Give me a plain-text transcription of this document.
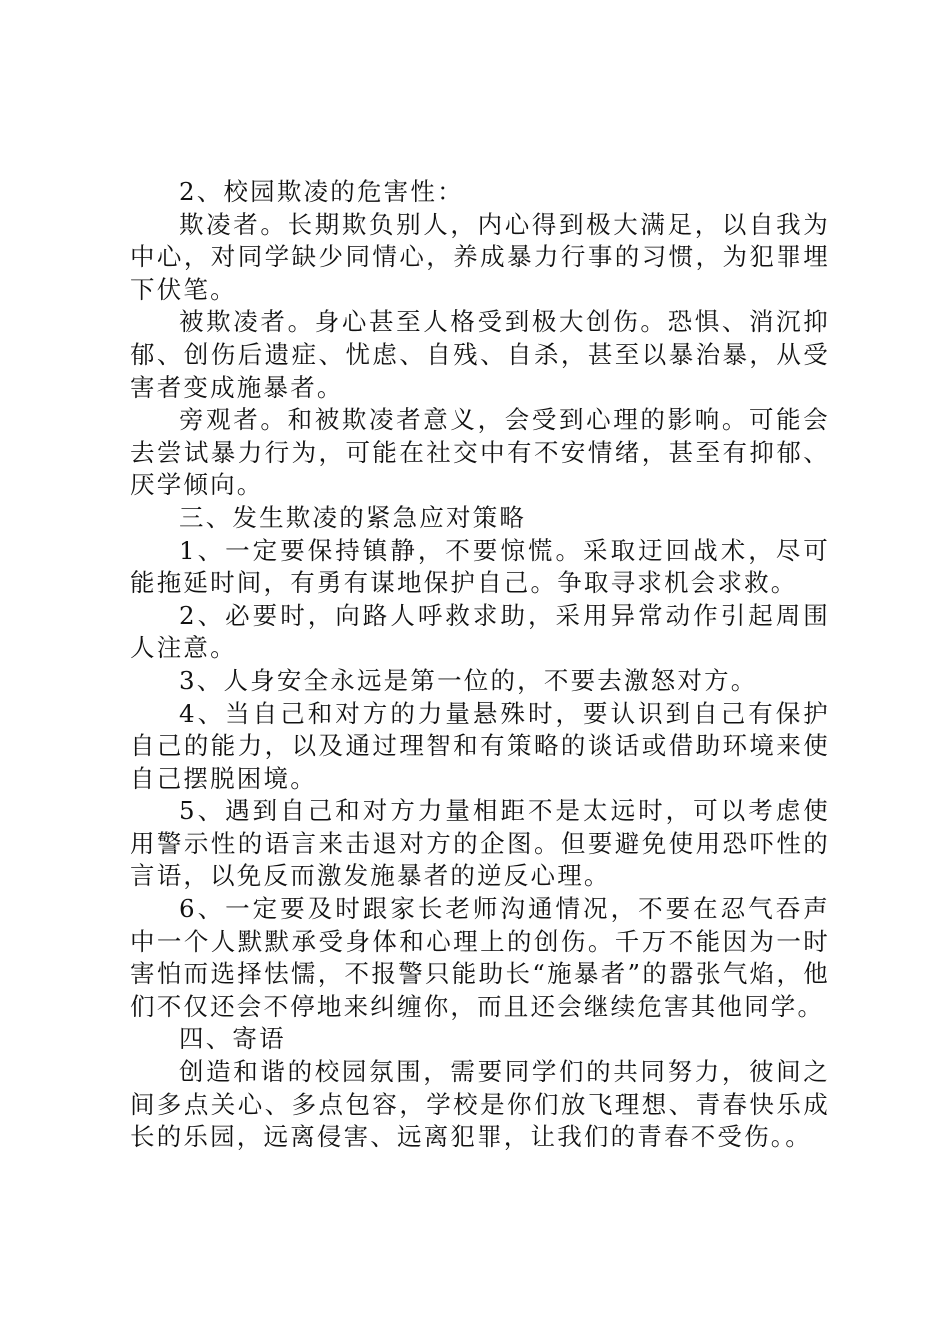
2、校园欺凌的危害性：

欺凌者。长期欺负别人，内心得到极大满足，以自我为中心，对同学缺少同情心，养成暴力行事的习惯，为犯罪埋下伏笔。

被欺凌者。身心甚至人格受到极大创伤。恐惧、消沉抑郁、创伤后遗症、忧虑、自残、自杀，甚至以暴治暴，从受害者变成施暴者。

旁观者。和被欺凌者意义，会受到心理的影响。可能会去尝试暴力行为，可能在社交中有不安情绪，甚至有抑郁、厌学倾向。

三、发生欺凌的紧急应对策略

1、一定要保持镇静，不要惊慌。采取迂回战术，尽可能拖延时间，有勇有谋地保护自己。争取寻求机会求救。

2、必要时，向路人呼救求助，采用异常动作引起周围人注意。

3、人身安全永远是第一位的，不要去激怒对方。

4、当自己和对方的力量悬殊时，要认识到自己有保护自己的能力，以及通过理智和有策略的谈话或借助环境来使自己摆脱困境。

5、遇到自己和对方力量相距不是太远时，可以考虑使用警示性的语言来击退对方的企图。但要避免使用恐吓性的言语，以免反而激发施暴者的逆反心理。

6、一定要及时跟家长老师沟通情况，不要在忍气吞声中一个人默默承受身体和心理上的创伤。千万不能因为一时害怕而选择怯懦，不报警只能助长“施暴者”的嚣张气焰，他们不仅还会不停地来纠缠你，而且还会继续危害其他同学。

四、寄语

创造和谐的校园氛围，需要同学们的共同努力，彼间之间多点关心、多点包容，学校是你们放飞理想、青春快乐成长的乐园，远离侵害、远离犯罪，让我们的青春不受伤。。
